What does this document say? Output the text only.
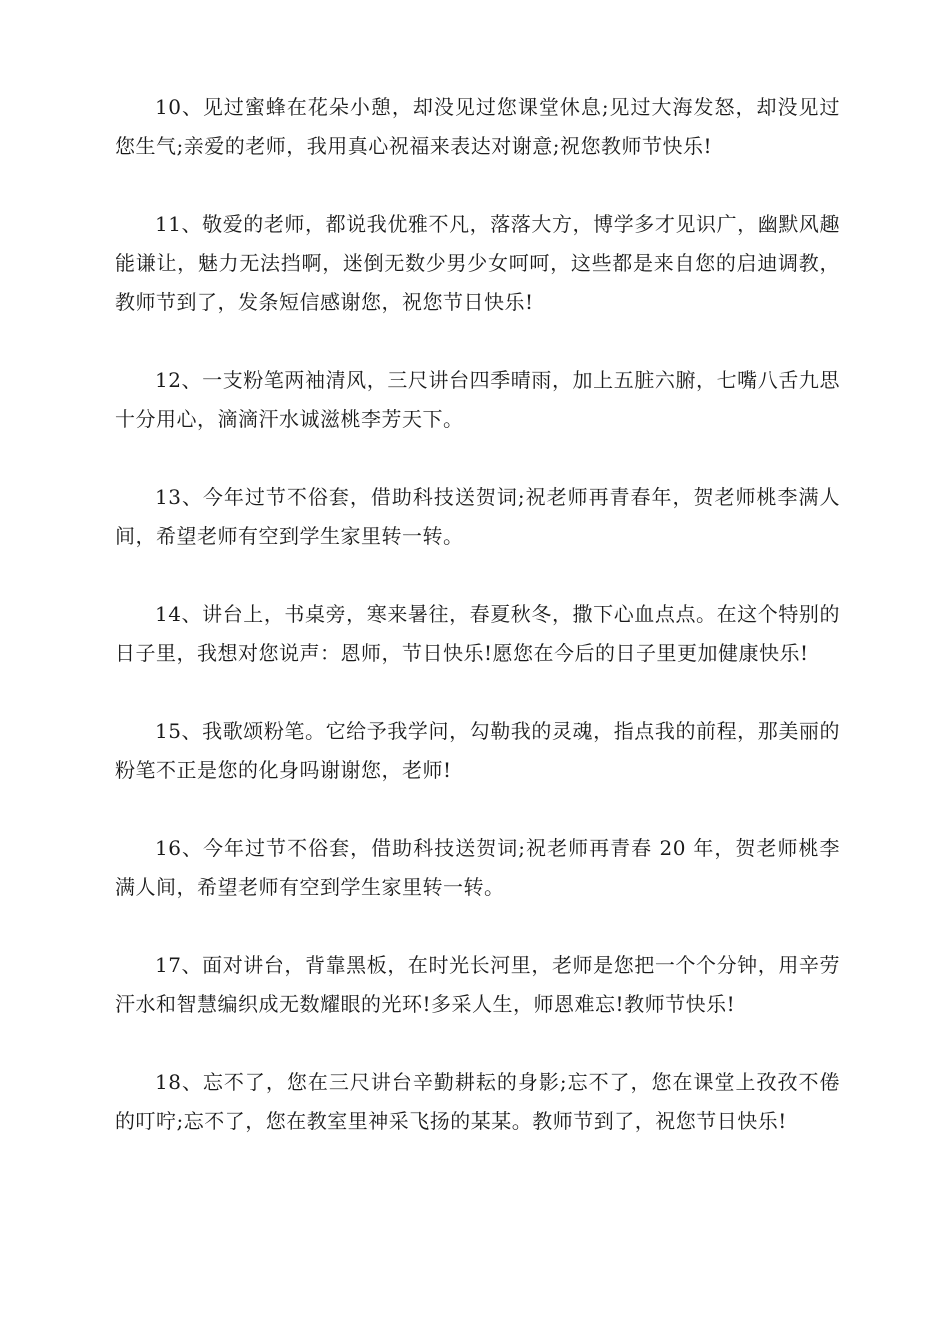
10、见过蜜蜂在花朵小憩，却没见过您课堂休息;见过大海发怒，却没见过您生气;亲爱的老师，我用真心祝福来表达对谢意;祝您教师节快乐!

11、敬爱的老师，都说我优雅不凡，落落大方，博学多才见识广，幽默风趣能谦让，魅力无法挡啊，迷倒无数少男少女呵呵，这些都是来自您的启迪调教，教师节到了，发条短信感谢您，祝您节日快乐!

12、一支粉笔两袖清风，三尺讲台四季晴雨，加上五脏六腑，七嘴八舌九思十分用心，滴滴汗水诚滋桃李芳天下。

13、今年过节不俗套，借助科技送贺词;祝老师再青春年，贺老师桃李满人间，希望老师有空到学生家里转一转。

14、讲台上，书桌旁，寒来暑往，春夏秋冬，撒下心血点点。在这个特别的日子里，我想对您说声：恩师，节日快乐!愿您在今后的日子里更加健康快乐!

15、我歌颂粉笔。它给予我学问，勾勒我的灵魂，指点我的前程，那美丽的粉笔不正是您的化身吗谢谢您，老师!

16、今年过节不俗套，借助科技送贺词;祝老师再青春 20 年，贺老师桃李满人间，希望老师有空到学生家里转一转。

17、面对讲台，背靠黑板，在时光长河里，老师是您把一个个分钟，用辛劳汗水和智慧编织成无数耀眼的光环!多采人生，师恩难忘!教师节快乐!

18、忘不了，您在三尺讲台辛勤耕耘的身影;忘不了，您在课堂上孜孜不倦的叮咛;忘不了，您在教室里神采飞扬的某某。教师节到了，祝您节日快乐!
